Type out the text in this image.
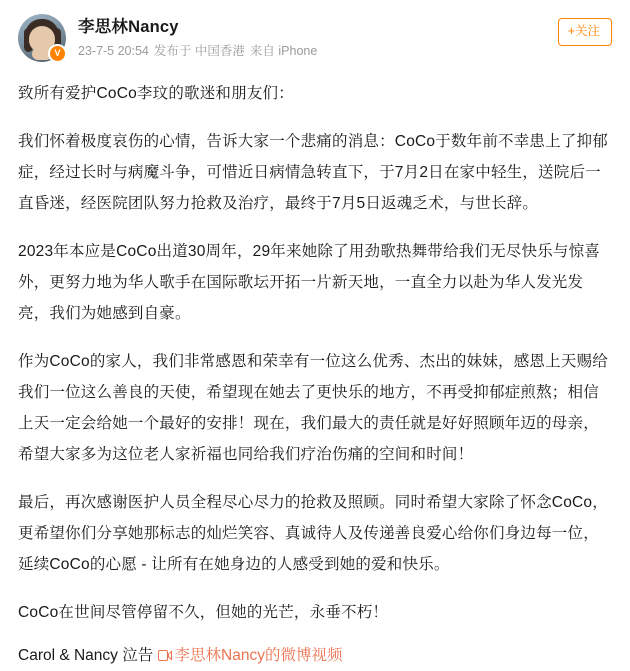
V
李思林Nancy
23-7-5 20:54 发布于 中国香港 来自 iPhone
+关注

致所有爱护CoCo李玟的歌迷和朋友们：

我们怀着极度哀伤的心情，告诉大家一个悲痛的消息：CoCo于数年前不幸患上了抑郁症，经过长时与病魔斗争，可惜近日病情急转直下，于7月2日在家中轻生，送院后一直昏迷，经医院团队努力抢救及治疗，最终于7月5日返魂乏术，与世长辞。

2023年本应是CoCo出道30周年，29年来她除了用劲歌热舞带给我们无尽快乐与惊喜外，更努力地为华人歌手在国际歌坛开拓一片新天地，一直全力以赴为华人发光发亮，我们为她感到自豪。

作为CoCo的家人，我们非常感恩和荣幸有一位这么优秀、杰出的妹妹，感恩上天赐给我们一位这么善良的天使，希望现在她去了更快乐的地方，不再受抑郁症煎熬；相信上天一定会给她一个最好的安排！现在，我们最大的责任就是好好照顾年迈的母亲，希望大家多为这位老人家祈福也同给我们疗治伤痛的空间和时间！

最后，再次感谢医护人员全程尽心尽力的抢救及照顾。同时希望大家除了怀念CoCo，更希望你们分享她那标志的灿烂笑容、真诚待人及传递善良爱心给你们身边每一位，延续CoCo的心愿 - 让所有在她身边的人感受到她的爱和快乐。

CoCo在世间尽管停留不久，但她的光芒，永垂不朽！

Carol & Nancy 泣告 李思林Nancy的微博视频
